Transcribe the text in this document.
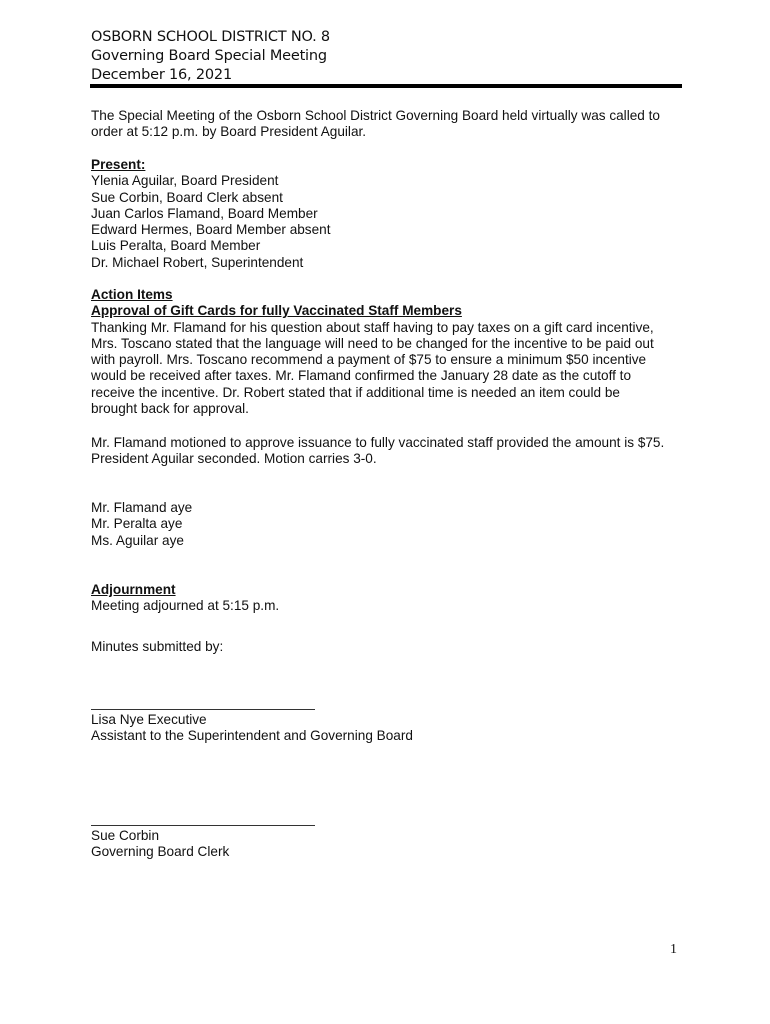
OSBORN SCHOOL DISTRICT NO. 8
Governing Board Special Meeting
December 16, 2021
The Special Meeting of the Osborn School District Governing Board held virtually was called to
order at 5:12 p.m. by Board President Aguilar.
Present:
Ylenia Aguilar, Board President
Sue Corbin, Board Clerk absent
Juan Carlos Flamand, Board Member
Edward Hermes, Board Member absent
Luis Peralta, Board Member
Dr. Michael Robert, Superintendent
Action Items
Approval of Gift Cards for fully Vaccinated Staff Members
Thanking Mr. Flamand for his question about staff having to pay taxes on a gift card incentive,
Mrs. Toscano stated that the language will need to be changed for the incentive to be paid out
with payroll. Mrs. Toscano recommend a payment of $75 to ensure a minimum $50 incentive
would be received after taxes. Mr. Flamand confirmed the January 28 date as the cutoff to
receive the incentive. Dr. Robert stated that if additional time is needed an item could be
brought back for approval.
Mr. Flamand motioned to approve issuance to fully vaccinated staff provided the amount is $75.
President Aguilar seconded. Motion carries 3-0.
Mr. Flamand aye
Mr. Peralta aye
Ms. Aguilar aye
Adjournment
Meeting adjourned at 5:15 p.m.
Minutes submitted by:
Lisa Nye Executive
Assistant to the Superintendent and Governing Board
Sue Corbin
Governing Board Clerk
1
